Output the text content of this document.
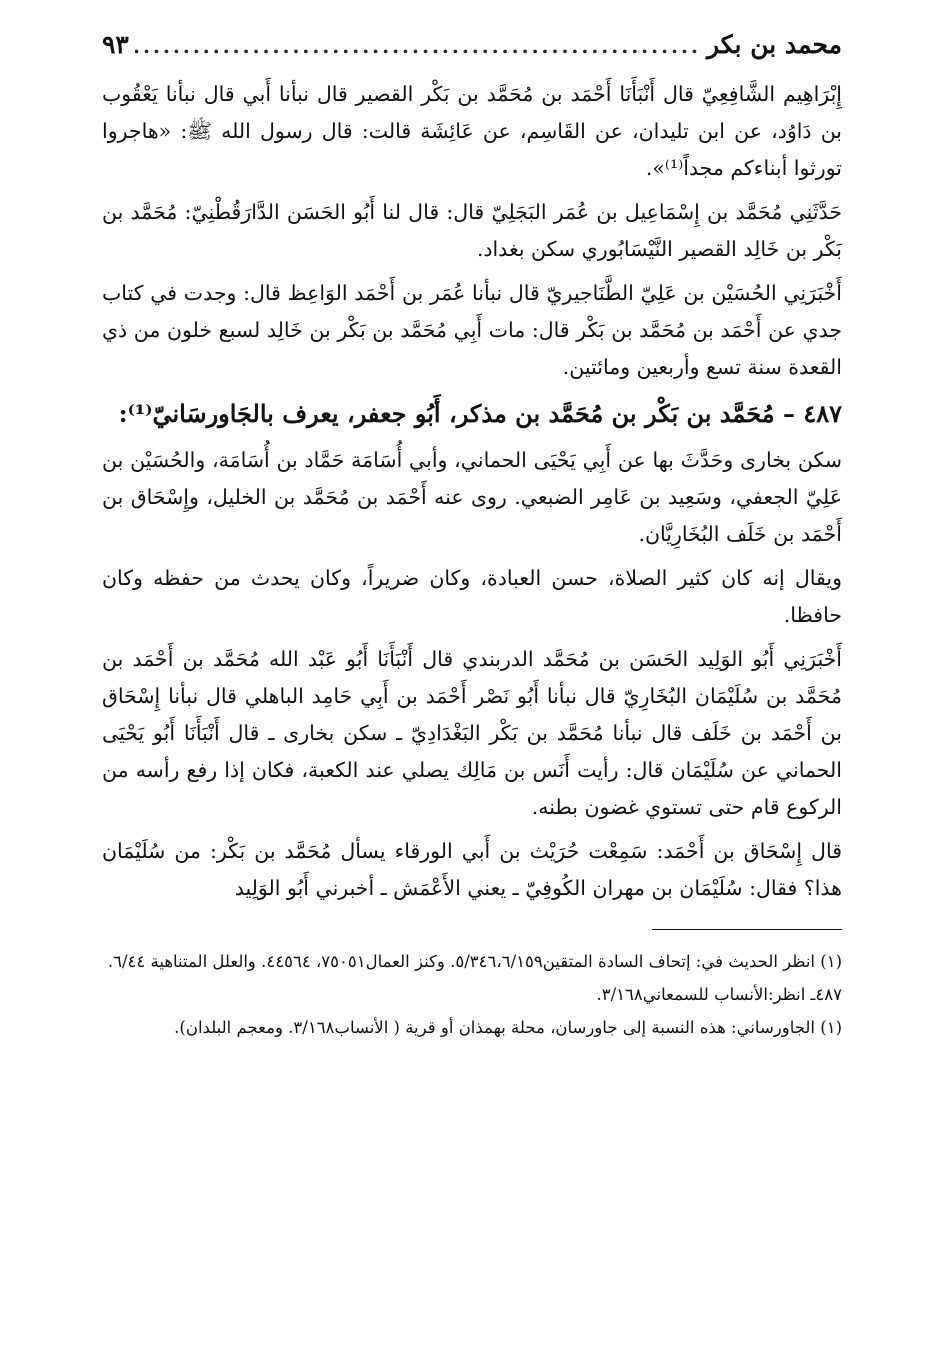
محمد بن بكر
.....
٩٣

إِبْرَاهِيم الشَّافِعِيّ قال أَنْبَأَنَا أَحْمَد بن مُحَمَّد بن بَكْر القصير قال نبأنا أَبي قال نبأنا يَعْقُوب بن دَاوُد، عن ابن تليدان، عن القَاسِم، عن عَائِشَة قالت: قال رسول الله ﷺ: «هاجروا تورثوا أبناءكم مجداً⁽¹⁾».

حَدَّثَنِي مُحَمَّد بن إِسْمَاعِيل بن عُمَر البَجَلِيّ قال: قال لنا أَبُو الحَسَن الدَّارَقُطْنِيّ: مُحَمَّد بن بَكْر بن خَالِد القصير النَّيْسَابُوري سكن بغداد.

أَخْبَرَنِي الحُسَيْن بن عَلِيّ الطَّنَاجيريّ قال نبأنا عُمَر بن أَحْمَد الوَاعِظ قال: وجدت في كتاب جدي عن أَحْمَد بن مُحَمَّد بن بَكْر قال: مات أَبِي مُحَمَّد بن بَكْر بن خَالِد لسبع خلون من ذي القعدة سنة تسع وأربعين ومائتين.

٤٨٧ – مُحَمَّد بن بَكْر بن مُحَمَّد بن مذكر، أَبُو جعفر، يعرف بالجَاورسَانيّ⁽¹⁾:

سكن بخارى وحَدَّثَ بها عن أَبِي يَحْيَى الحماني، وأبي أُسَامَة حَمَّاد بن أُسَامَة، والحُسَيْن بن عَلِيّ الجعفي، وسَعِيد بن عَامِر الضبعي. روى عنه أَحْمَد بن مُحَمَّد بن الخليل، وإِسْحَاق بن أَحْمَد بن خَلَف البُخَارِيَّان.

ويقال إنه كان كثير الصلاة، حسن العبادة، وكان ضريراً، وكان يحدث من حفظه وكان حافظا.

أَخْبَرَنِي أَبُو الوَلِيد الحَسَن بن مُحَمَّد الدربندي قال أَنْبَأَنَا أَبُو عَبْد الله مُحَمَّد بن أَحْمَد بن مُحَمَّد بن سُلَيْمَان البُخَارِيّ قال نبأنا أَبُو نَصْر أَحْمَد بن أَبِي حَامِد الباهلي قال نبأنا إِسْحَاق بن أَحْمَد بن خَلَف قال نبأنا مُحَمَّد بن بَكْر البَغْدَادِيّ ـ سكن بخارى ـ قال أَنْبَأَنَا أَبُو يَحْيَى الحماني عن سُلَيْمَان قال: رأيت أَنَس بن مَالِك يصلي عند الكعبة، فكان إذا رفع رأسه من الركوع قام حتى تستوي غضون بطنه.

قال إِسْحَاق بن أَحْمَد: سَمِعْت حُرَيْث بن أَبي الورقاء يسأل مُحَمَّد بن بَكْر: من سُلَيْمَان هذا؟ فقال: سُلَيْمَان بن مهران الكُوفِيّ ـ يعني الأَعْمَش ـ أخبرني أَبُو الوَلِيد

(١) انظر الحديث في: إتحاف السادة المتقين٥/٣٤٦،٦/١٥٩. وكنز العمال٧٥٠٥١، ٤٤٥٦٤. والعلل المتناهية ٦/٤٤.

٤٨٧ـ انظر:الأنساب للسمعاني٣/١٦٨.

(١) الجاورساني: هذه النسبة إلى جاورسان، محلة بهمذان أو قرية ( الأنساب٣/١٦٨. ومعجم البلدان).
